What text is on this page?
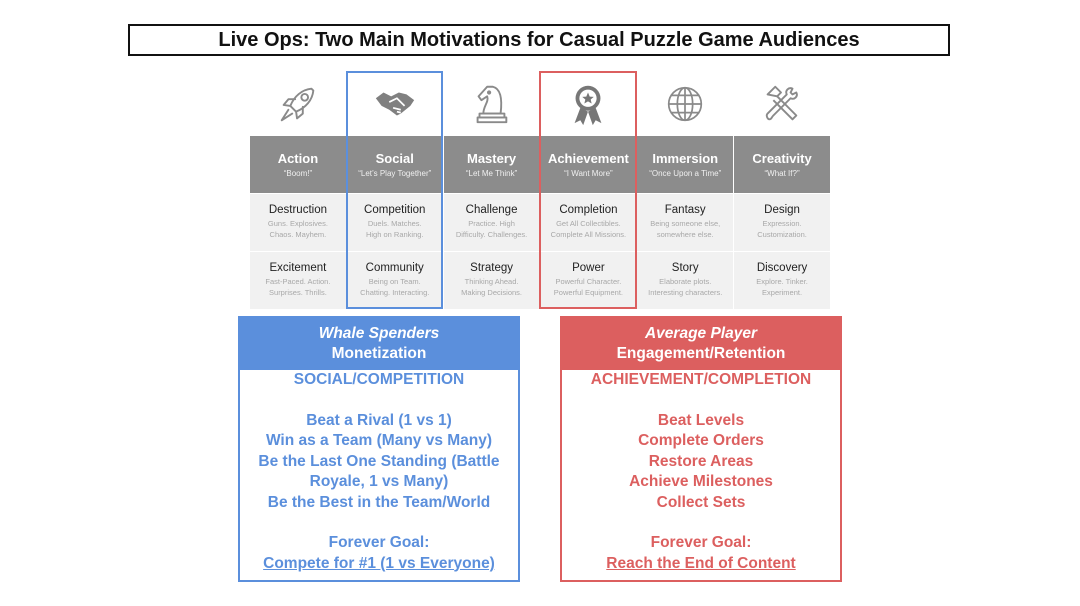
Live Ops: Two Main Motivations for Casual Puzzle Game Audiences
Action
“Boom!”
Social
“Let’s Play Together”
Mastery
“Let Me Think”
Achievement
“I Want More”
Immersion
“Once Upon a Time”
Creativity
“What If?”
Destruction
Guns. Explosives.
Chaos. Mayhem.
Competition
Duels. Matches.
High on Ranking.
Challenge
Practice. High
Difficulty. Challenges.
Completion
Get All Collectibles.
Complete All Missions.
Fantasy
Being someone else,
somewhere else.
Design
Expression.
Customization.
Excitement
Fast-Paced. Action.
Surprises. Thrills.
Community
Being on Team.
Chatting. Interacting.
Strategy
Thinking Ahead.
Making Decisions.
Power
Powerful Character.
Powerful Equipment.
Story
Elaborate plots.
Interesting characters.
Discovery
Explore. Tinker.
Experiment.
Whale Spenders
Monetization
SOCIAL/COMPETITION
Beat a Rival (1 vs 1)
Win as a Team (Many vs Many)
Be the Last One Standing (Battle
Royale, 1 vs Many)
Be the Best in the Team/World
Forever Goal:
Compete for #1 (1 vs Everyone)
Average Player
Engagement/Retention
ACHIEVEMENT/COMPLETION
Beat Levels
Complete Orders
Restore Areas
Achieve Milestones
Collect Sets
Forever Goal:
Reach the End of Content
